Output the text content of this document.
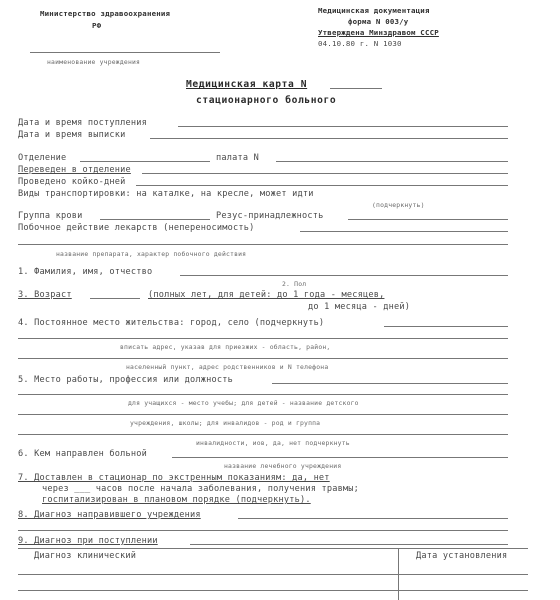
Министерство здравоохранения
РФ
наименование учреждения
Медицинская документация
форма N 003/у
Утверждена Минздравом СССР
04.10.80 г. N 1030
Медицинская карта N
стационарного больного
Дата и время поступления
Дата и время выписки
Отделение	палата N
Переведен в отделение
Проведено койко-дней
Виды транспортировки: на каталке, на кресле, может идти
(подчеркнуть)
Группа крови	Резус-принадлежность
Побочное действие лекарств (непереносимость)
название препарата, характер побочного действия
1. Фамилия, имя, отчество
2. Пол
3. Возраст	(полных лет, для детей: до 1 года - месяцев,
до 1 месяца - дней)
4. Постоянное место жительства: город, село (подчеркнуть)
вписать адрес, указав для приезжих - область, район,
населенный пункт, адрес родственников и N телефона
5. Место работы, профессия или должность
для учащихся - место учебы; для детей - название детского
учреждения, школы; для инвалидов - род и группа
инвалидности, иов, да, нет подчеркнуть
6. Кем направлен больной
название лечебного учреждения
7. Доставлен в стационар по экстренным показаниям: да, нет
через ___ часов после начала заболевания, получения травмы;
госпитализирован в плановом порядке (подчеркнуть).
8. Диагноз направившего учреждения
9. Диагноз при поступлении
Диагноз клинический	Дата установления
